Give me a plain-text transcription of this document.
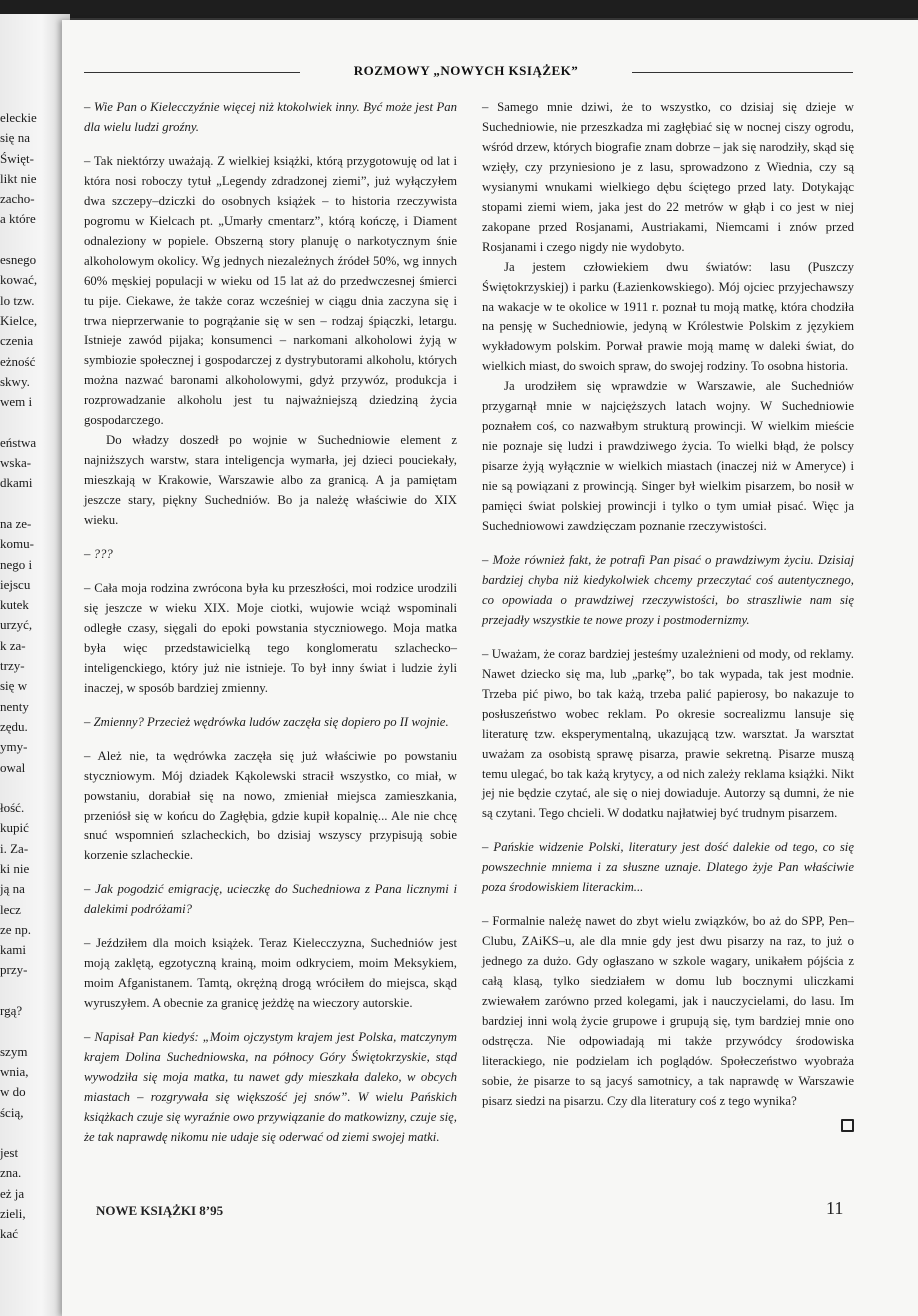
eleckie
się na
Święt-
likt nie
zacho-
a które
esnego
kować,
lo tzw.
Kielce,
czenia
eżność
skwy.
wem i
eństwa
wska-
dkami
na ze-
komu-
nego i
iejscu
kutek
urzyć,
k za-
trzy-
się w
nenty
zędu.
ymy-
owal
łość.
kupić
i. Za-
ki nie
ją na
lecz
ze np.
kami
przy-
rgą?
szym
wnia,
w do
ścią,
jest
zna.
eż ja
zieli,
kać
ROZMOWY „NOWYCH KSIĄŻEK”

– Wie Pan o Kielecczyźnie więcej niż ktokolwiek inny. Być może jest Pan dla wielu ludzi groźny.

– Tak niektórzy uważają. Z wielkiej książki, którą przygotowuję od lat i która nosi roboczy tytuł „Legendy zdradzonej ziemi”, już wyłączyłem dwa szczepy–dziczki do osobnych książek – to historia rzeczywista pogromu w Kielcach pt. „Umarły cmentarz”, którą kończę, i Diament odnaleziony w popiele. Obszerną story planuję o narkotycznym śnie alkoholowym okolicy. Wg jednych niezależnych źródeł 50%, wg innych 60% męskiej populacji w wieku od 15 lat aż do przedwczesnej śmierci tu pije. Ciekawe, że także coraz wcześniej w ciągu dnia zaczyna się i trwa nieprzerwanie to pogrążanie się w sen – rodzaj śpiączki, letargu. Istnieje zawód pijaka; konsumenci – narkomani alkoholowi żyją w symbiozie społecznej i gospodarczej z dystrybutorami alkoholu, których można nazwać baronami alkoholowymi, gdyż przywóz, produkcja i rozprowadzanie alkoholu jest tu najważniejszą dziedziną życia gospodarczego.

Do władzy doszedł po wojnie w Suchedniowie element z najniższych warstw, stara inteligencja wymarła, jej dzieci pouciekały, mieszkają w Krakowie, Warszawie albo za granicą. A ja pamiętam jeszcze stary, piękny Suchedniów. Bo ja należę właściwie do XIX wieku.

– ???

– Cała moja rodzina zwrócona była ku przeszłości, moi rodzice urodzili się jeszcze w wieku XIX. Moje ciotki, wujowie wciąż wspominali odległe czasy, sięgali do epoki powstania styczniowego. Moja matka była więc przedstawicielką tego konglomeratu szlachecko–inteligenckiego, który już nie istnieje. To był inny świat i ludzie żyli inaczej, w sposób bardziej zmienny.

– Zmienny? Przecież wędrówka ludów zaczęła się dopiero po II wojnie.

– Ależ nie, ta wędrówka zaczęła się już właściwie po powstaniu styczniowym. Mój dziadek Kąkolewski stracił wszystko, co miał, w powstaniu, dorabiał się na nowo, zmieniał miejsca zamieszkania, przeniósł się w końcu do Zagłębia, gdzie kupił kopalnię... Ale nie chcę snuć wspomnień szlacheckich, bo dzisiaj wszyscy przypisują sobie korzenie szlacheckie.

– Jak pogodzić emigrację, ucieczkę do Suchedniowa z Pana licznymi i dalekimi podróżami?

– Jeździłem dla moich książek. Teraz Kielecczyzna, Suchedniów jest moją zaklętą, egzotyczną krainą, moim odkryciem, moim Meksykiem, moim Afganistanem. Tamtą, okrężną drogą wróciłem do miejsca, skąd wyruszyłem. A obecnie za granicę jeżdżę na wieczory autorskie.

– Napisał Pan kiedyś: „Moim ojczystym krajem jest Polska, matczynym krajem Dolina Suchedniowska, na północy Góry Świętokrzyskie, stąd wywodziła się moja matka, tu nawet gdy mieszkała daleko, w obcych miastach – rozgrywała się większość jej snów”. W wielu Pańskich książkach czuje się wyraźnie owo przywiązanie do matkowizny, czuje się, że tak naprawdę nikomu nie udaje się oderwać od ziemi swojej matki.

– Samego mnie dziwi, że to wszystko, co dzisiaj się dzieje w Suchedniowie, nie przeszkadza mi zagłębiać się w nocnej ciszy ogrodu, wśród drzew, których biografie znam dobrze – jak się narodziły, skąd się wzięły, czy przyniesiono je z lasu, sprowadzono z Wiednia, czy są wysianymi wnukami wielkiego dębu ściętego przed laty. Dotykając stopami ziemi wiem, jaka jest do 22 metrów w głąb i co jest w niej zakopane przed Rosjanami, Austriakami, Niemcami i znów przed Rosjanami i czego nigdy nie wydobyto.

Ja jestem człowiekiem dwu światów: lasu (Puszczy Świętokrzyskiej) i parku (Łazienkowskiego). Mój ojciec przyjechawszy na wakacje w te okolice w 1911 r. poznał tu moją matkę, która chodziła na pensję w Suchedniowie, jedyną w Królestwie Polskim z językiem wykładowym polskim. Porwał prawie moją mamę w daleki świat, do wielkich miast, do swoich spraw, do swojej rodziny. To osobna historia.

Ja urodziłem się wprawdzie w Warszawie, ale Suchedniów przygarnął mnie w najcięższych latach wojny. W Suchedniowie poznałem coś, co nazwałbym strukturą prowincji. W wielkim mieście nie poznaje się ludzi i prawdziwego życia. To wielki błąd, że polscy pisarze żyją wyłącznie w wielkich miastach (inaczej niż w Ameryce) i nie są powiązani z prowincją. Singer był wielkim pisarzem, bo nosił w pamięci świat polskiej prowincji i tylko o tym umiał pisać. Więc ja Suchedniowowi zawdzięczam poznanie rzeczywistości.

– Może również fakt, że potrafi Pan pisać o prawdziwym życiu. Dzisiaj bardziej chyba niż kiedykolwiek chcemy przeczytać coś autentycznego, co opowiada o prawdziwej rzeczywistości, bo straszliwie nam się przejadły wszystkie te nowe prozy i postmodernizmy.

– Uważam, że coraz bardziej jesteśmy uzależnieni od mody, od reklamy. Nawet dziecko się ma, lub „parkę”, bo tak wypada, tak jest modnie. Trzeba pić piwo, bo tak każą, trzeba palić papierosy, bo nakazuje to posłuszeństwo wobec reklam. Po okresie socrealizmu lansuje się literaturę tzw. eksperymentalną, ukazującą tzw. warsztat. Ja warsztat uważam za osobistą sprawę pisarza, prawie sekretną. Pisarze muszą temu ulegać, bo tak każą krytycy, a od nich zależy reklama książki. Nikt jej nie będzie czytać, ale się o niej dowiaduje. Autorzy są dumni, że nie są czytani. Tego chcieli. W dodatku najłatwiej być trudnym pisarzem.

– Pańskie widzenie Polski, literatury jest dość dalekie od tego, co się powszechnie mniema i za słuszne uznaje. Dlatego żyje Pan właściwie poza środowiskiem literackim...

– Formalnie należę nawet do zbyt wielu związków, bo aż do SPP, Pen–Clubu, ZAiKS–u, ale dla mnie gdy jest dwu pisarzy na raz, to już o jednego za dużo. Gdy ogłaszano w szkole wagary, unikałem pójścia z całą klasą, tylko siedziałem w domu lub bocznymi uliczkami zwiewałem zarówno przed kolegami, jak i nauczycielami, do lasu. Im bardziej inni wolą życie grupowe i grupują się, tym bardziej mnie ono odstręcza. Nie odpowiadają mi także przywódcy środowiska literackiego, nie podzielam ich poglądów. Społeczeństwo wyobraża sobie, że pisarze to są jacyś samotnicy, a tak naprawdę w Warszawie pisarz siedzi na pisarzu. Czy dla literatury coś z tego wynika?

NOWE KSIĄŻKI 8’95	11
